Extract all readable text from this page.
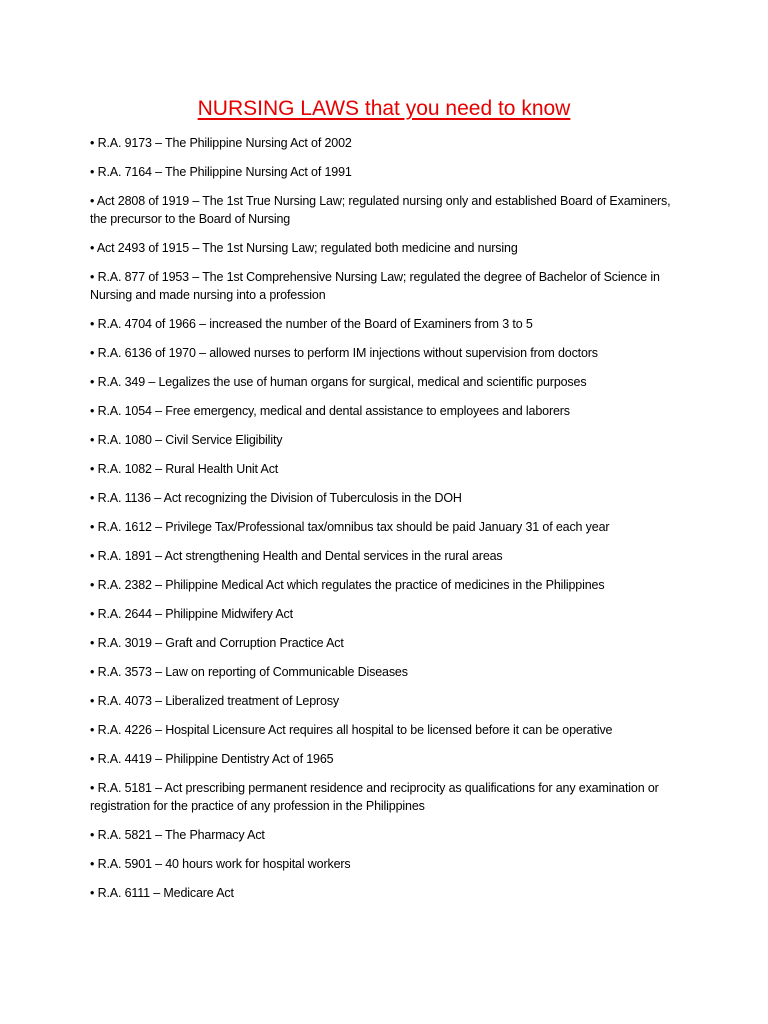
NURSING LAWS that you need to know
• R.A. 9173 – The Philippine Nursing Act of 2002
• R.A. 7164 – The Philippine Nursing Act of 1991
• Act 2808 of 1919 – The 1st True Nursing Law; regulated nursing only and established Board of Examiners, the precursor to the Board of Nursing
• Act 2493 of 1915 – The 1st Nursing Law; regulated both medicine and nursing
• R.A. 877 of 1953 – The 1st Comprehensive Nursing Law; regulated the degree of Bachelor of Science in Nursing and made nursing into a profession
• R.A. 4704 of 1966 – increased the number of the Board of Examiners from 3 to 5
• R.A. 6136 of 1970 – allowed nurses to perform IM injections without supervision from doctors
• R.A. 349 – Legalizes the use of human organs for surgical, medical and scientific purposes
• R.A. 1054 – Free emergency, medical and dental assistance to employees and laborers
• R.A. 1080 – Civil Service Eligibility
• R.A. 1082 – Rural Health Unit Act
• R.A. 1136 – Act recognizing the Division of Tuberculosis in the DOH
• R.A. 1612 – Privilege Tax/Professional tax/omnibus tax should be paid January 31 of each year
• R.A. 1891 – Act strengthening Health and Dental services in the rural areas
• R.A. 2382 – Philippine Medical Act which regulates the practice of medicines in the Philippines
• R.A. 2644 – Philippine Midwifery Act
• R.A. 3019 – Graft and Corruption Practice Act
• R.A. 3573 – Law on reporting of Communicable Diseases
• R.A. 4073 – Liberalized treatment of Leprosy
• R.A. 4226 – Hospital Licensure Act requires all hospital to be licensed before it can be operative
• R.A. 4419 – Philippine Dentistry Act of 1965
• R.A. 5181 – Act prescribing permanent residence and reciprocity as qualifications for any examination or registration for the practice of any profession in the Philippines
• R.A. 5821 – The Pharmacy Act
• R.A. 5901 – 40 hours work for hospital workers
• R.A. 6111 – Medicare Act
